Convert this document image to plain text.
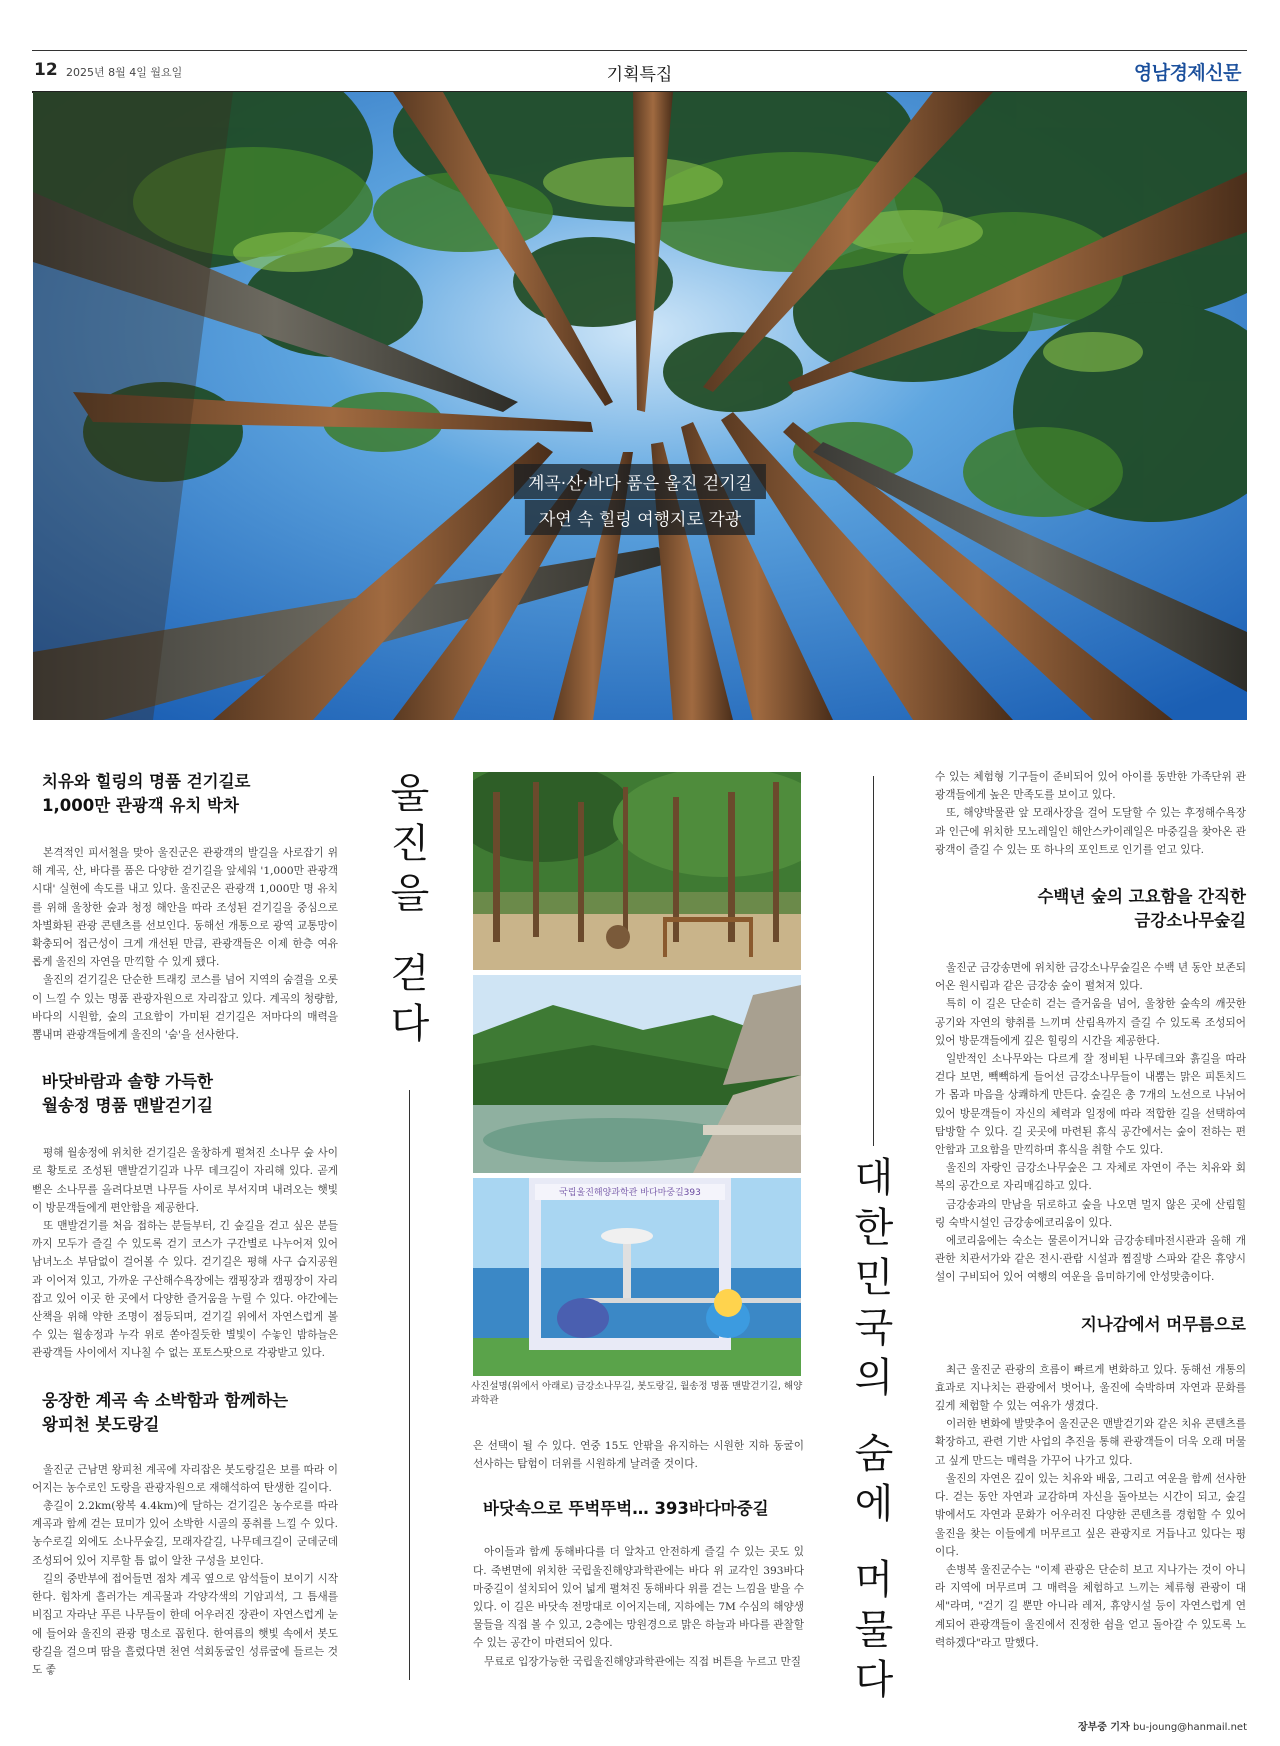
12 2025년 8월 4일 월요일	기획특집	영남경제신문
계곡·산·바다 품은 울진 걷기길
자연 속 힐링 여행지로 각광
치유와 힐링의 명품 걷기길로
1,000만 관광객 유치 박차

본격적인 피서철을 맞아 울진군은 관광객의 발길을 사로잡기 위해 계곡, 산, 바다를 품은 다양한 걷기길을 앞세워 '1,000만 관광객 시대' 실현에 속도를 내고 있다. 울진군은 관광객 1,000만 명 유치를 위해 울창한 숲과 청정 해안을 따라 조성된 걷기길을 중심으로 차별화된 관광 콘텐츠를 선보인다. 동해선 개통으로 광역 교통망이 확충되어 접근성이 크게 개선된 만큼, 관광객들은 이제 한층 여유롭게 울진의 자연을 만끽할 수 있게 됐다.

울진의 걷기길은 단순한 트래킹 코스를 넘어 지역의 숨결을 오롯이 느낄 수 있는 명품 관광자원으로 자리잡고 있다. 계곡의 청량함, 바다의 시원함, 숲의 고요함이 가미된 걷기길은 저마다의 매력을 뽐내며 관광객들에게 울진의 '숨'을 선사한다.

바닷바람과 솔향 가득한
월송정 명품 맨발걷기길

평해 월송정에 위치한 걷기길은 울창하게 펼쳐진 소나무 숲 사이로 황토로 조성된 맨발걷기길과 나무 데크길이 자리해 있다. 곧게 뻗은 소나무를 올려다보면 나무들 사이로 부서지며 내려오는 햇빛이 방문객들에게 편안함을 제공한다.

또 맨발걷기를 처음 접하는 분들부터, 긴 숲길을 걷고 싶은 분들까지 모두가 즐길 수 있도록 걷기 코스가 구간별로 나누어져 있어 남녀노소 부담없이 걸어볼 수 있다. 걷기길은 평해 사구 습지공원과 이어져 있고, 가까운 구산해수욕장에는 캠핑장과 캠핑장이 자리잡고 있어 이곳 한 곳에서 다양한 즐거움을 누릴 수 있다. 야간에는 산책을 위해 약한 조명이 점등되며, 걷기길 위에서 자연스럽게 볼 수 있는 월송정과 누각 위로 쏟아질듯한 별빛이 수놓인 밤하늘은 관광객들 사이에서 지나칠 수 없는 포토스팟으로 각광받고 있다.

웅장한 계곡 속 소박함과 함께하는
왕피천 봇도랑길

울진군 근남면 왕피천 계곡에 자리잡은 봇도랑길은 보를 따라 이어지는 농수로인 도랑을 관광자원으로 재해석하여 탄생한 길이다.

총길이 2.2km(왕복 4.4km)에 달하는 걷기길은 농수로를 따라 계곡과 함께 걷는 묘미가 있어 소박한 시골의 풍취를 느낄 수 있다. 농수로길 외에도 소나무숲길, 모래자갈길, 나무데크길이 군데군데 조성되어 있어 지루할 틈 없이 알찬 구성을 보인다.

길의 중반부에 접어들면 점차 계곡 옆으로 암석들이 보이기 시작한다. 힘차게 흘러가는 계곡물과 각양각색의 기암괴석, 그 틈새를 비집고 자라난 푸른 나무들이 한데 어우러진 장관이 자연스럽게 눈에 들어와 울진의 관광 명소로 꼽힌다. 한여름의 햇빛 속에서 봇도랑길을 걸으며 땀을 흘렸다면 천연 석회동굴인 성류굴에 들르는 것도 좋

울
진
을
걷
다
대
한
민
국
의
숨
에
머
물
다
국립울진해양과학관 바다마중길393
사진설명(위에서 아래로) 금강소나무길, 봇도랑길, 월송정 명품 맨발걷기길, 해양과학관

은 선택이 될 수 있다. 연중 15도 안팎을 유지하는 시원한 지하 동굴이 선사하는 탐험이 더위를 시원하게 날려줄 것이다.

바닷속으로 뚜벅뚜벅… 393바다마중길

아이들과 함께 동해바다를 더 알차고 안전하게 즐길 수 있는 곳도 있다. 죽변면에 위치한 국립울진해양과학관에는 바다 위 교각인 393바다마중길이 설치되어 있어 넓게 펼쳐진 동해바다 위를 걷는 느낌을 받을 수 있다. 이 길은 바닷속 전망대로 이어지는데, 지하에는 7M 수심의 해양생물들을 직접 볼 수 있고, 2층에는 망원경으로 맑은 하늘과 바다를 관찰할 수 있는 공간이 마련되어 있다.

무료로 입장가능한 국립울진해양과학관에는 직접 버튼을 누르고 만질

수 있는 체험형 기구들이 준비되어 있어 아이를 동반한 가족단위 관광객들에게 높은 만족도를 보이고 있다.

또, 해양박물관 앞 모래사장을 걸어 도달할 수 있는 후정해수욕장과 인근에 위치한 모노레일인 해안스카이레일은 마중길을 찾아온 관광객이 즐길 수 있는 또 하나의 포인트로 인기를 얻고 있다.

수백년 숲의 고요함을 간직한
금강소나무숲길

울진군 금강송면에 위치한 금강소나무숲길은 수백 년 동안 보존되어온 원시림과 같은 금강송 숲이 펼쳐져 있다.

특히 이 길은 단순히 걷는 즐거움을 넘어, 울창한 숲속의 깨끗한 공기와 자연의 향취를 느끼며 산림욕까지 즐길 수 있도록 조성되어 있어 방문객들에게 깊은 힐링의 시간을 제공한다.

일반적인 소나무와는 다르게 잘 정비된 나무데크와 흙길을 따라 걷다 보면, 빽빽하게 들어선 금강소나무들이 내뿜는 맑은 피톤치드가 몸과 마음을 상쾌하게 만든다. 숲길은 총 7개의 노선으로 나뉘어 있어 방문객들이 자신의 체력과 일정에 따라 적합한 길을 선택하여 탐방할 수 있다. 길 곳곳에 마련된 휴식 공간에서는 숲이 전하는 편안함과 고요함을 만끽하며 휴식을 취할 수도 있다.

울진의 자랑인 금강소나무숲은 그 자체로 자연이 주는 치유와 회복의 공간으로 자리매김하고 있다.

금강송과의 만남을 뒤로하고 숲을 나오면 멀지 않은 곳에 산림힐링 숙박시설인 금강송에코리움이 있다.

에코리움에는 숙소는 물론이거니와 금강송테마전시관과 올해 개관한 치관서가와 같은 전시·관람 시설과 찜질방 스파와 같은 휴양시설이 구비되어 있어 여행의 여운을 음미하기에 안성맞춤이다.

지나감에서 머무름으로

최근 울진군 관광의 흐름이 빠르게 변화하고 있다. 동해선 개통의 효과로 지나치는 관광에서 벗어나, 울진에 숙박하며 자연과 문화를 깊게 체험할 수 있는 여유가 생겼다.

이러한 변화에 발맞추어 울진군은 맨발걷기와 같은 치유 콘텐츠를 확장하고, 관련 기반 사업의 추진을 통해 관광객들이 더욱 오래 머물고 싶게 만드는 매력을 가꾸어 나가고 있다.

울진의 자연은 깊이 있는 치유와 배움, 그리고 여운을 함께 선사한다. 걷는 동안 자연과 교감하며 자신을 돌아보는 시간이 되고, 숲길 밖에서도 자연과 문화가 어우러진 다양한 콘텐츠를 경험할 수 있어 울진을 찾는 이들에게 머무르고 싶은 관광지로 거듭나고 있다는 평이다.

손병복 울진군수는 "이제 관광은 단순히 보고 지나가는 것이 아니라 지역에 머무르며 그 매력을 체험하고 느끼는 체류형 관광이 대세"라며, "걷기 길 뿐만 아니라 레저, 휴양시설 등이 자연스럽게 연계되어 관광객들이 울진에서 진정한 쉼을 얻고 돌아갈 수 있도록 노력하겠다"라고 말했다.

장부중 기자 bu-joung@hanmail.net
